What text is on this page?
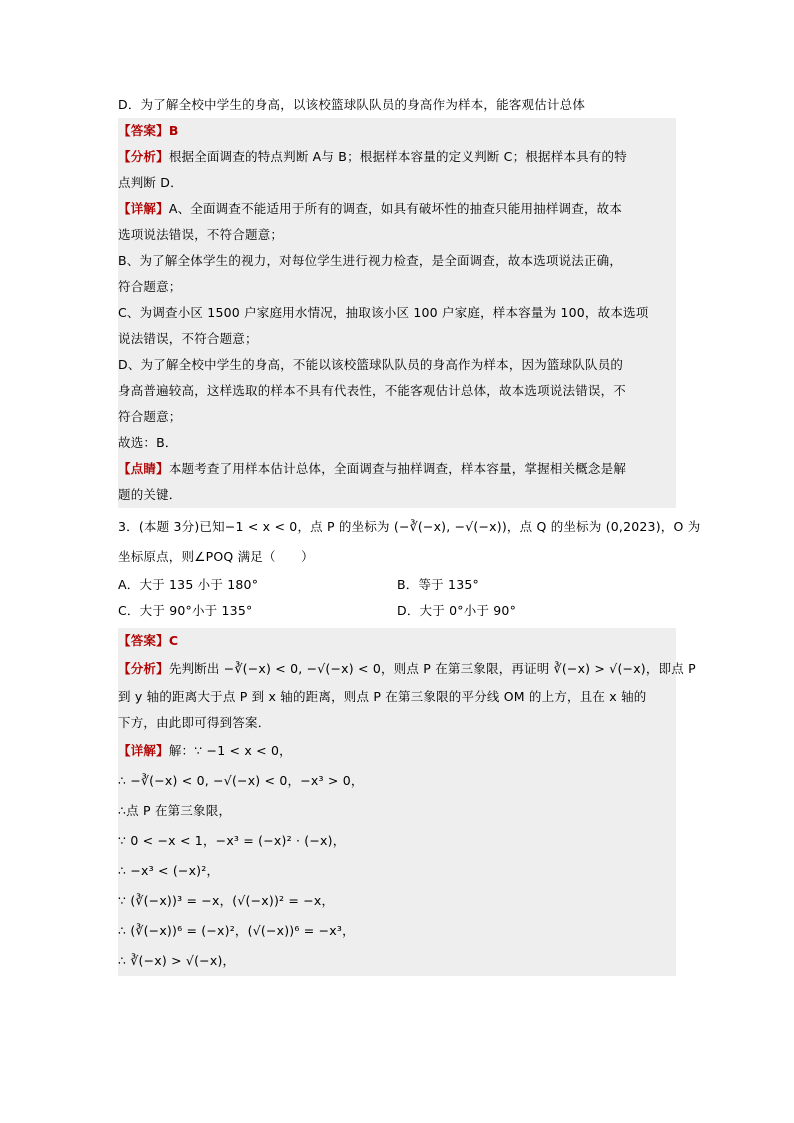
D．为了解全校中学生的身高，以该校篮球队队员的身高作为样本，能客观估计总体
【答案】B
【分析】根据全面调查的特点判断 A与 B；根据样本容量的定义判断 C；根据样本具有的特
点判断 D．
【详解】A、全面调查不能适用于所有的调查，如具有破坏性的抽查只能用抽样调查，故本
选项说法错误，不符合题意；
B、为了解全体学生的视力，对每位学生进行视力检查，是全面调查，故本选项说法正确，
符合题意；
C、为调查小区 1500 户家庭用水情况，抽取该小区 100 户家庭，样本容量为 100，故本选项
说法错误，不符合题意；
D、为了解全校中学生的身高，不能以该校篮球队队员的身高作为样本，因为篮球队队员的
身高普遍较高，这样选取的样本不具有代表性，不能客观估计总体，故本选项说法错误，不
符合题意；
故选：B．
【点睛】本题考查了用样本估计总体，全面调查与抽样调查，样本容量，掌握相关概念是解
题的关键．
3．(本题 3分)已知−1 < x < 0，点 P 的坐标为 (−∛(−x), −√(−x))，点 Q 的坐标为 (0,2023)，O 为
坐标原点，则∠POQ 满足（　　）
A．大于 135 小于 180°	B．等于 135°
C．大于 90°小于 135°	D．大于 0°小于 90°
【答案】C
【分析】先判断出 −∛(−x) < 0, −√(−x) < 0，则点 P 在第三象限，再证明 ∛(−x) > √(−x)，即点 P
到 y 轴的距离大于点 P 到 x 轴的距离，则点 P 在第三象限的平分线 OM 的上方，且在 x 轴的
下方，由此即可得到答案．
【详解】解：∵ −1 < x < 0，
∴ −∛(−x) < 0, −√(−x) < 0，−x³ > 0，
∴点 P 在第三象限，
∵ 0 < −x < 1，−x³ = (−x)² · (−x)，
∴ −x³ < (−x)²，
∵ (∛(−x))³ = −x，(√(−x))² = −x，
∴ (∛(−x))⁶ = (−x)²，(√(−x))⁶ = −x³，
∴ ∛(−x) > √(−x)，
